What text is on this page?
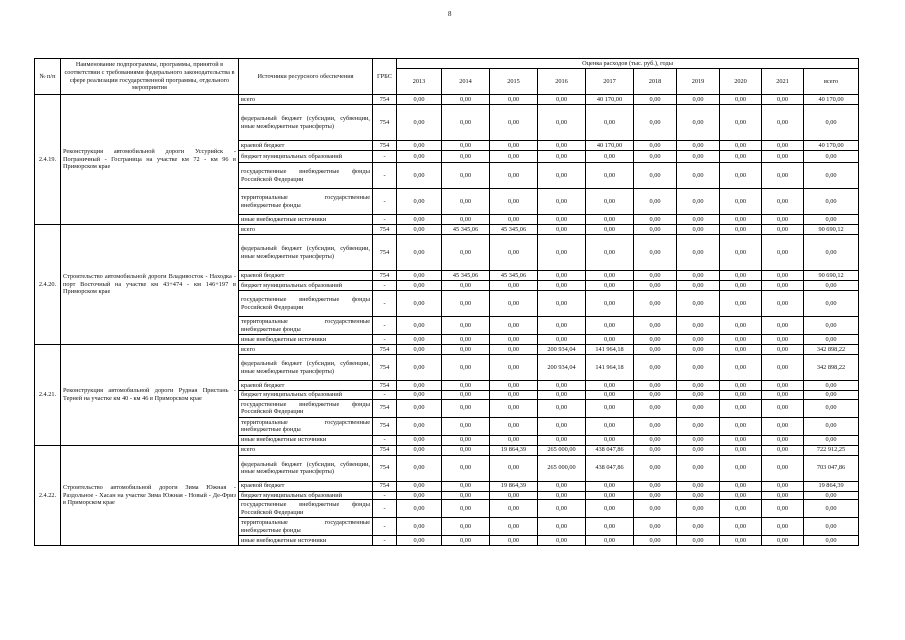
8
№ п/п	Наименование подпрограммы, программы, принятой в соответствии с требованиями федерального законодательства в сфере реализации государственной программы, отдельного мероприятия	Источники ресурсного обеспечения	ГРБС	Оценка расходов (тыс. руб.), годы									
				2013	2014	2015	2016	2017	2018	2019	2020	2021	всего
2.4.19.	Реконструкция автомобильной дороги Уссурийск - Пограничный - Госграница на участке км 72 - км 96 в Приморском крае	всего	754	0,00	0,00	0,00	0,00	40 170,00	0,00	0,00	0,00	0,00	40 170,00
		федеральный бюджет (субсидии, субвенции, иные межбюджетные трансферты)	754	0,00	0,00	0,00	0,00	0,00	0,00	0,00	0,00	0,00	0,00
		краевой бюджет	754	0,00	0,00	0,00	0,00	40 170,00	0,00	0,00	0,00	0,00	40 170,00
		бюджет муниципальных образований	-	0,00	0,00	0,00	0,00	0,00	0,00	0,00	0,00	0,00	0,00
		государственные внебюджетные фонды Российской Федерации	-	0,00	0,00	0,00	0,00	0,00	0,00	0,00	0,00	0,00	0,00
		территориальные государственные внебюджетные фонды	-	0,00	0,00	0,00	0,00	0,00	0,00	0,00	0,00	0,00	0,00
		иные внебюджетные источники	-	0,00	0,00	0,00	0,00	0,00	0,00	0,00	0,00	0,00	0,00
2.4.20.	Строительство автомобильной дороги Владивосток - Находка - порт Восточный на участке км 43+474 - км 146+197 в Приморском крае	всего	754	0,00	45 345,06	45 345,06	0,00	0,00	0,00	0,00	0,00	0,00	90 690,12
		федеральный бюджет (субсидии, субвенции, иные межбюджетные трансферты)	754	0,00	0,00	0,00	0,00	0,00	0,00	0,00	0,00	0,00	0,00
		краевой бюджет	754	0,00	45 345,06	45 345,06	0,00	0,00	0,00	0,00	0,00	0,00	90 690,12
		бюджет муниципальных образований	-	0,00	0,00	0,00	0,00	0,00	0,00	0,00	0,00	0,00	0,00
		государственные внебюджетные фонды Российской Федерации	-	0,00	0,00	0,00	0,00	0,00	0,00	0,00	0,00	0,00	0,00
		территориальные государственные внебюджетные фонды	-	0,00	0,00	0,00	0,00	0,00	0,00	0,00	0,00	0,00	0,00
		иные внебюджетные источники	-	0,00	0,00	0,00	0,00	0,00	0,00	0,00	0,00	0,00	0,00
2.4.21.	Реконструкция автомобильной дороги Рудная Пристань - Терней на участке км 40 - км 46 в Приморском крае	всего	754	0,00	0,00	0,00	200 934,04	141 964,18	0,00	0,00	0,00	0,00	342 898,22
		федеральный бюджет (субсидии, субвенции, иные межбюджетные трансферты)	754	0,00	0,00	0,00	200 934,04	141 964,18	0,00	0,00	0,00	0,00	342 898,22
		краевой бюджет	754	0,00	0,00	0,00	0,00	0,00	0,00	0,00	0,00	0,00	0,00
		бюджет муниципальных образований	-	0,00	0,00	0,00	0,00	0,00	0,00	0,00	0,00	0,00	0,00
		государственные внебюджетные фонды Российской Федерации	754	0,00	0,00	0,00	0,00	0,00	0,00	0,00	0,00	0,00	0,00
		территориальные государственные внебюджетные фонды	754	0,00	0,00	0,00	0,00	0,00	0,00	0,00	0,00	0,00	0,00
		иные внебюджетные источники	-	0,00	0,00	0,00	0,00	0,00	0,00	0,00	0,00	0,00	0,00
2.4.22.	Строительство автомобильной дороги Зима Южная - Раздольное - Хасан на участке Зима Южная - Новый - Де-Фриз в Приморском крае	всего	754	0,00	0,00	19 864,39	265 000,00	438 047,86	0,00	0,00	0,00	0,00	722 912,25
		федеральный бюджет (субсидии, субвенции, иные межбюджетные трансферты)	754	0,00	0,00	0,00	265 000,00	438 047,86	0,00	0,00	0,00	0,00	703 047,86
		краевой бюджет	754	0,00	0,00	19 864,39	0,00	0,00	0,00	0,00	0,00	0,00	19 864,39
		бюджет муниципальных образований	-	0,00	0,00	0,00	0,00	0,00	0,00	0,00	0,00	0,00	0,00
		государственные внебюджетные фонды Российской Федерации	-	0,00	0,00	0,00	0,00	0,00	0,00	0,00	0,00	0,00	0,00
		территориальные государственные внебюджетные фонды	-	0,00	0,00	0,00	0,00	0,00	0,00	0,00	0,00	0,00	0,00
		иные внебюджетные источники	-	0,00	0,00	0,00	0,00	0,00	0,00	0,00	0,00	0,00	0,00
